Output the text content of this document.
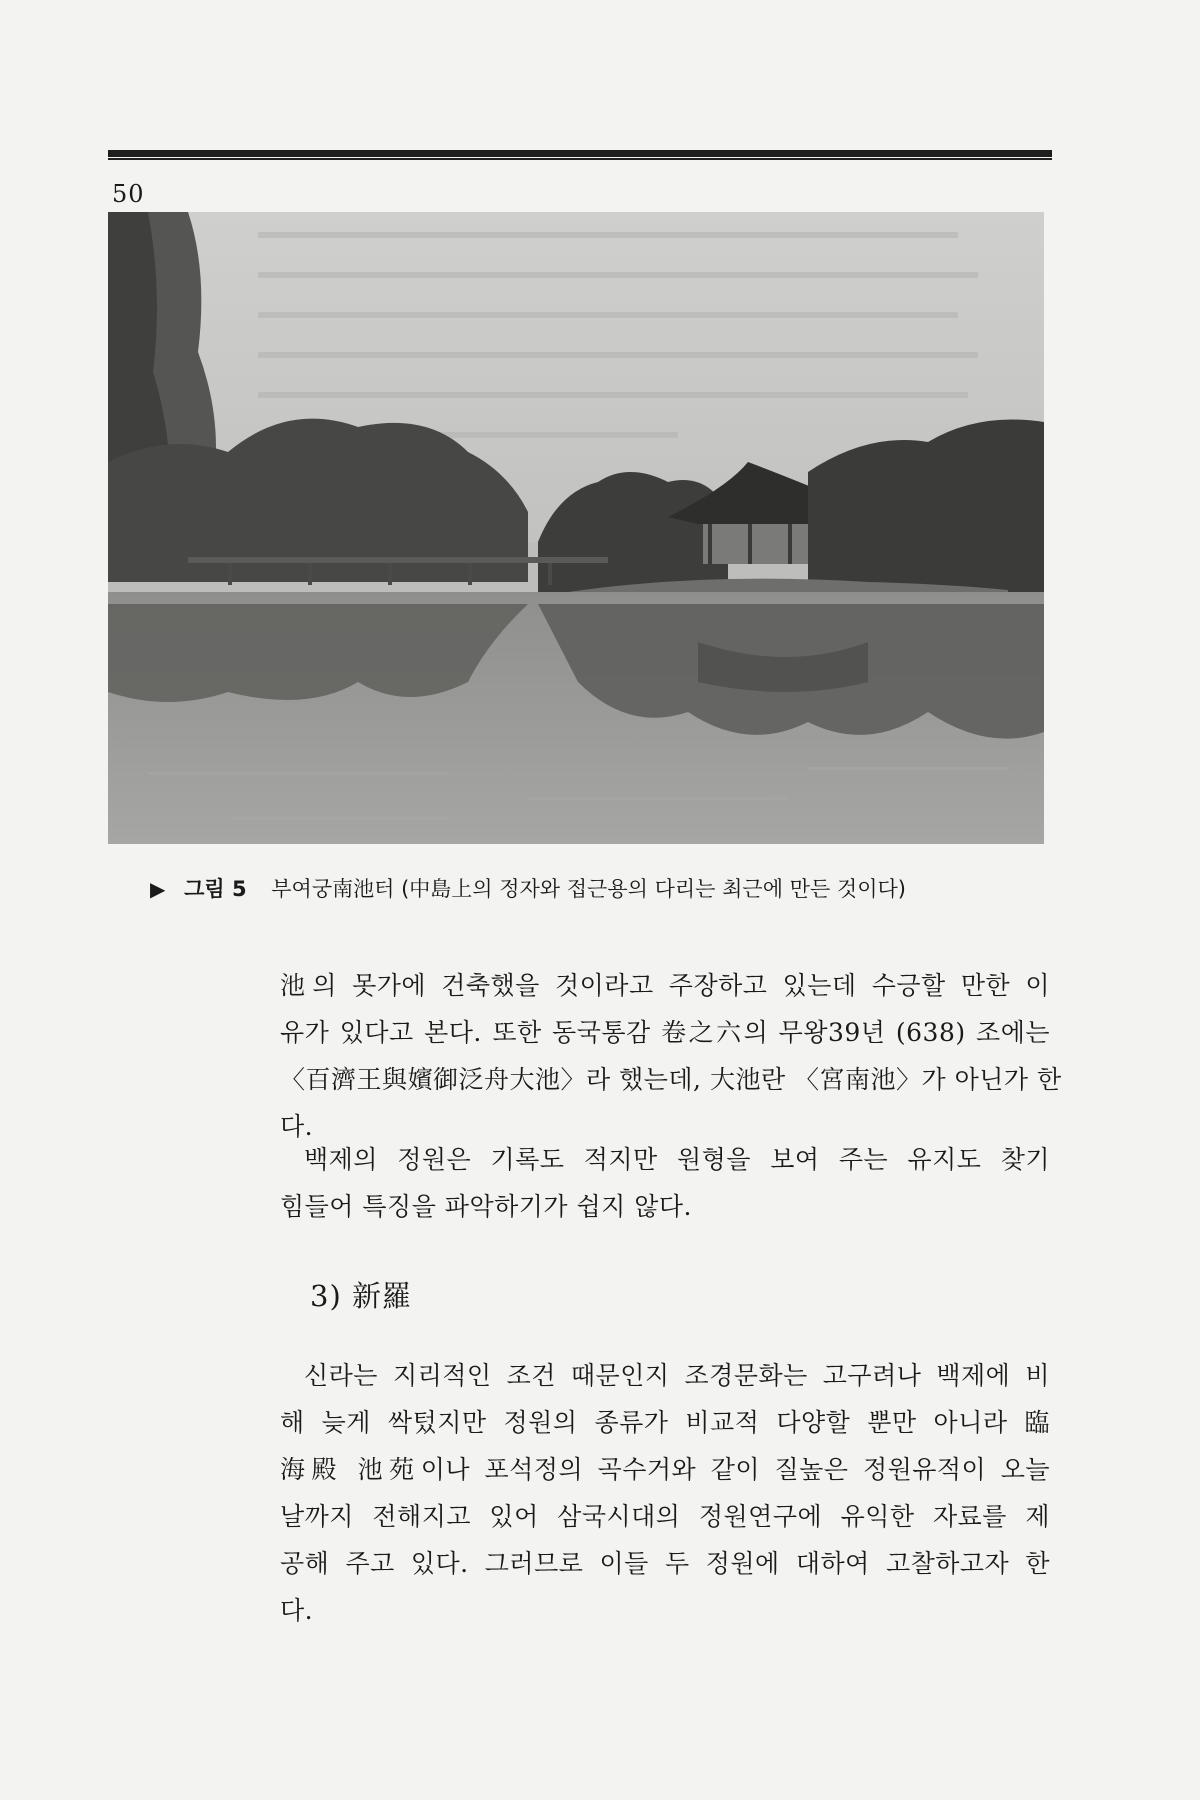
50
▶ 그림 5 부여궁南池터 (中島上의 정자와 접근용의 다리는 최근에 만든 것이다)
池의 못가에 건축했을 것이라고 주장하고 있는데 수긍할 만한 이
유가 있다고 본다. 또한 동국통감 卷之六의 무왕39년 (638) 조에는
〈百濟王與嬪御泛舟大池〉라 했는데, 大池란 〈宮南池〉가 아닌가 한
다.
백제의 정원은 기록도 적지만 원형을 보여 주는 유지도 찾기
힘들어 특징을 파악하기가 쉽지 않다.
3) 新羅
신라는 지리적인 조건 때문인지 조경문화는 고구려나 백제에 비
해 늦게 싹텄지만 정원의 종류가 비교적 다양할 뿐만 아니라 臨
海殿 池苑이나 포석정의 곡수거와 같이 질높은 정원유적이 오늘
날까지 전해지고 있어 삼국시대의 정원연구에 유익한 자료를 제
공해 주고 있다. 그러므로 이들 두 정원에 대하여 고찰하고자 한
다.
